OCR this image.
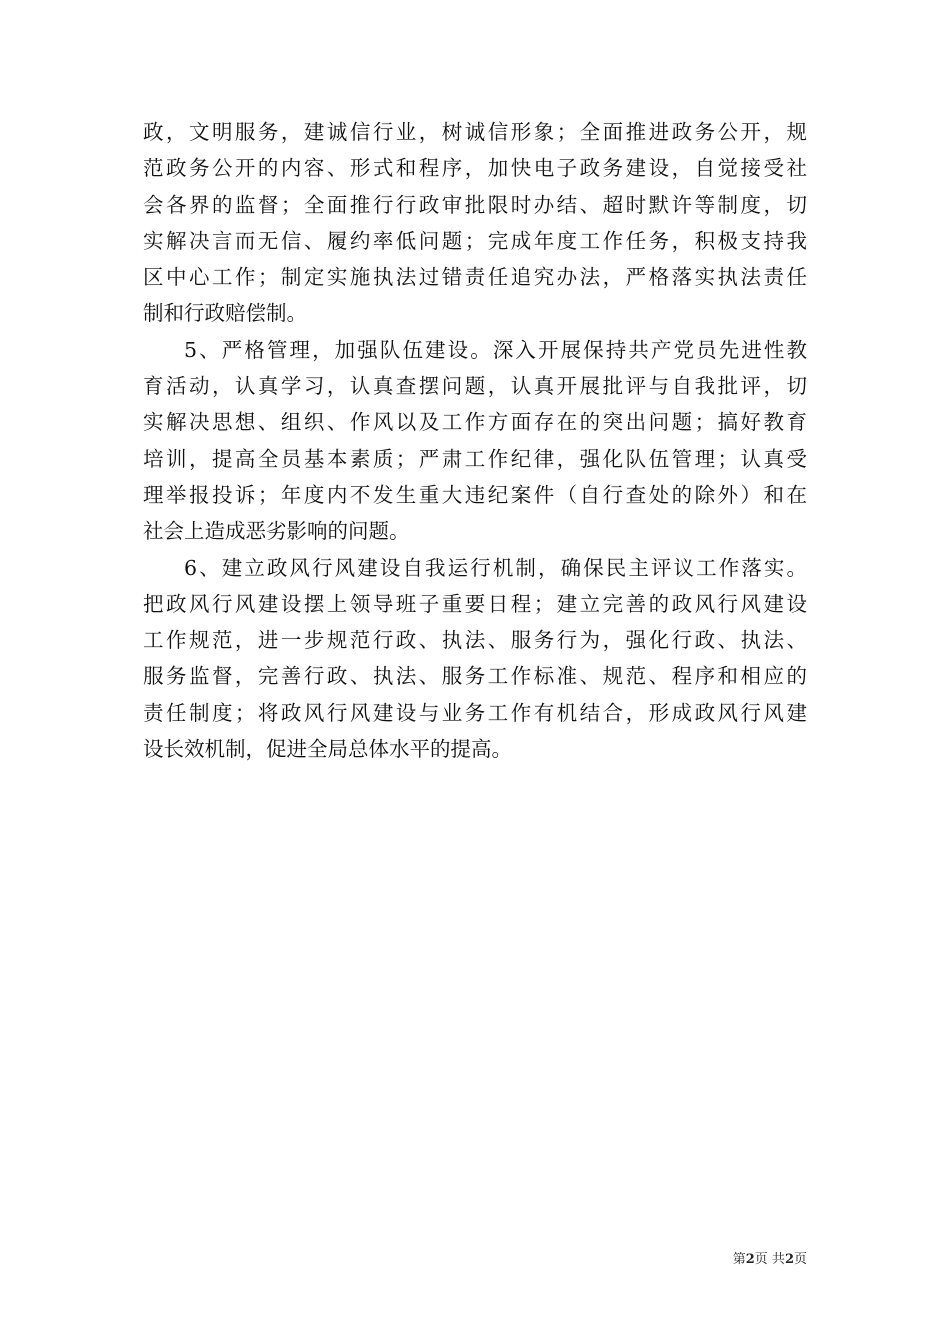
政，文明服务，建诚信行业，树诚信形象；全面推进政务公开，规
范政务公开的内容、形式和程序，加快电子政务建设，自觉接受社
会各界的监督；全面推行行政审批限时办结、超时默许等制度，切
实解决言而无信、履约率低问题；完成年度工作任务，积极支持我
区中心工作；制定实施执法过错责任追究办法，严格落实执法责任
制和行政赔偿制。
5、严格管理，加强队伍建设。深入开展保持共产党员先进性教
育活动，认真学习，认真查摆问题，认真开展批评与自我批评，切
实解决思想、组织、作风以及工作方面存在的突出问题；搞好教育
培训，提高全员基本素质；严肃工作纪律，强化队伍管理；认真受
理举报投诉；年度内不发生重大违纪案件（自行查处的除外）和在
社会上造成恶劣影响的问题。
6、建立政风行风建设自我运行机制，确保民主评议工作落实。
把政风行风建设摆上领导班子重要日程；建立完善的政风行风建设
工作规范，进一步规范行政、执法、服务行为，强化行政、执法、
服务监督，完善行政、执法、服务工作标准、规范、程序和相应的
责任制度；将政风行风建设与业务工作有机结合，形成政风行风建
设长效机制，促进全局总体水平的提高。
第2页 共2页
